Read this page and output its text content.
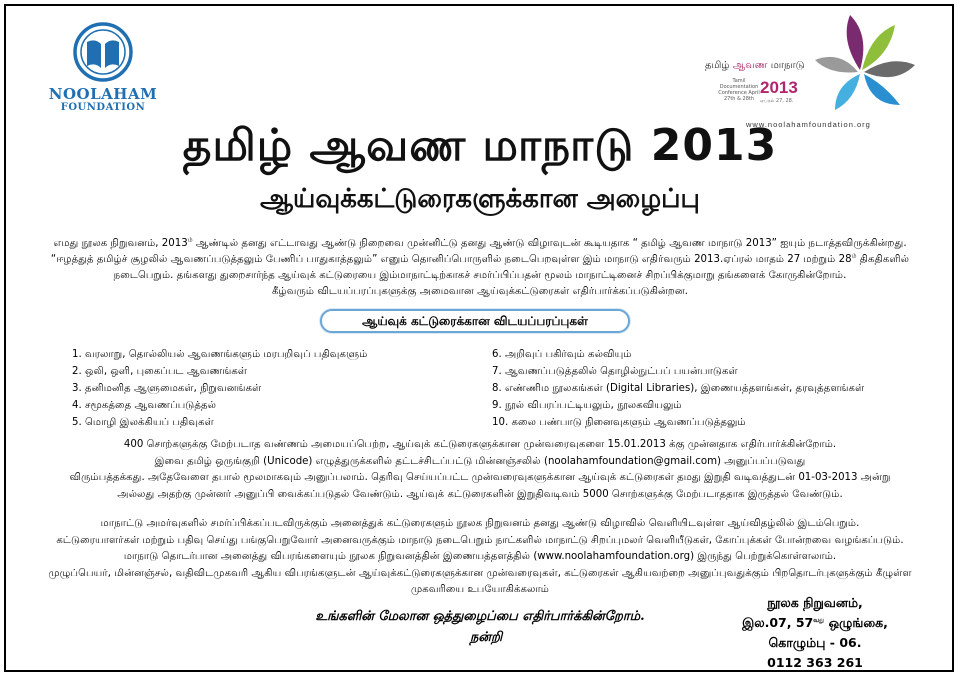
NOOLAHAM
FOUNDATION
தமிழ் ஆவண மாநாடு
Tamil Documentation Conference April 27th & 28th
2013
ஏப்ரல் 27, 28.
www.noolahamfoundation.org
தமிழ் ஆவண மாநாடு 2013
ஆய்வுக்கட்டுரைகளுக்கான அழைப்பு
எமது நூலக நிறுவனம், $2013^{ம்}$ ஆண்டில் தனது எட்டாவது ஆண்டு நிறைவை முன்னிட்டு தனது ஆண்டு விழாவுடன் கூடியதாக “ தமிழ் ஆவண மாநாடு 2013” ஐயும் நடாத்தவிருக்கின்றது.
“ஈழத்துத் தமிழ்ச் சூழலில் ஆவணப்படுத்தலும் பேணிப் பாதுகாத்தலும்” எனும் தொனிப்பொருளில் நடைபெறவுள்ள இம் மாநாடு எதிர்வரும் 2013.ஏப்ரல் மாதம் 27 மற்றும் $28^{ம்}$ திகதிகளில்
நடைபெறும். தங்களது துறைசார்ந்த ஆய்வுக் கட்டுரையை இம்மாநாட்டிற்காகச் சமர்ப்பிப்பதன் மூலம் மாநாட்டினைச் சிறப்பிக்குமாறு தங்களைக் கோருகின்றோம்.
கீழ்வரும் விடயப்பரப்புகளுக்கு அமைவான ஆய்வுக்கட்டுரைகள் எதிர்பார்க்கப்படுகின்றன.
ஆய்வுக் கட்டுரைக்கான விடயப்பரப்புகள்
1. வரலாறு, தொல்லியல் ஆவணங்களும் மரபறிவுப் பதிவுகளும்
2. ஒலி, ஒளி, புகைப்பட ஆவணங்கள்
3. தனிமனித ஆளுமைகள், நிறுவனங்கள்
4. சமூகத்தை ஆவணப்படுத்தல்
5. மொழி இலக்கியப் பதிவுகள்
6. அறிவுப் பகிர்வும் கல்வியும்
7. ஆவணப்படுத்தலில் தொழில்நுட்பப் பயன்பாடுகள்
8. எண்ணிம நூலகங்கள் (Digital Libraries), இணையத்தளங்கள், தரவுத்தளங்கள்
9. நூல் விபரப்பட்டியலும், நூலகவியலும்
10. கலை பண்பாடு நினைவுகளும் ஆவணப்படுத்தலும்
400 சொற்களுக்கு மேற்படாத வண்ணம் அமையப்பெற்ற, ஆய்வுக் கட்டுரைகளுக்கான முன்வரைவுகளை 15.01.2013 க்கு முன்னதாக எதிர்பார்க்கின்றோம்.
இவை தமிழ் ஒருங்குறி (Unicode) எழுத்துருக்களில் தட்டச்சிடப்பட்டு மின்னஞ்சலில் (noolahamfoundation@gmail.com) அனுப்பப்படுவது
விரும்பத்தக்கது. அதேவேளை தபால் மூலமாகவும் அனுப்பலாம். தெரிவு செய்யப்பட்ட முன்வரைவுகளுக்கான ஆய்வுக் கட்டுரைகள் தமது இறுதி வடிவத்துடன் 01-03-2013 அன்று
அல்லது அதற்கு முன்னர் அனுப்பி வைக்கப்படுதல் வேண்டும். ஆய்வுக் கட்டுரைகளின் இறுதிவடிவம் 5000 சொற்களுக்கு மேற்படாததாக இருத்தல் வேண்டும்.
மாநாட்டு அமர்வுகளில் சமர்ப்பிக்கப்படவிருக்கும் அனைத்துக் கட்டுரைகளும் நூலக நிறுவனம் தனது ஆண்டு விழாவில் வெளியிடவுள்ள ஆய்விதழ்லில் இடம்பெறும்.
கட்டுரையாளர்கள் மற்றும் பதிவு செய்து பங்குபெறுவோர் அனைவருக்கும் மாநாடு நடைபெறும் நாட்களில் மாநாட்டு சிறப்புமலர் வெளியீடுகள், கோப்புக்கள் போன்றவை வழங்கப்படும்.
மாநாடு தொடர்பான அனைத்து விபரங்களையும் நூலக நிறுவனத்தின் இணையத்தளத்தில் (www.noolahamfoundation.org) இருந்து பெற்றுக்கொள்ளலாம்.
முழுப்பெயர், மின்னஞ்சல், வதிவிடமுகவரி ஆகிய விபரங்களுடன் ஆய்வுக்கட்டுரைகளுக்கான முன்வரைவுகள், கட்டுரைகள் ஆகியவற்றை அனுப்புவதுக்கும் பிறதொடர்புகளுக்கும் கீழுள்ள
முகவரியை உபயோகிக்கலாம்
உங்களின் மேலான ஒத்துழைப்பை எதிர்பார்க்கின்றோம்.
நன்றி
நூலக நிறுவனம்,
இல.07, $57^{வது}$ ஒழுங்கை,
கொழும்பு - 06.
0112 363 261
